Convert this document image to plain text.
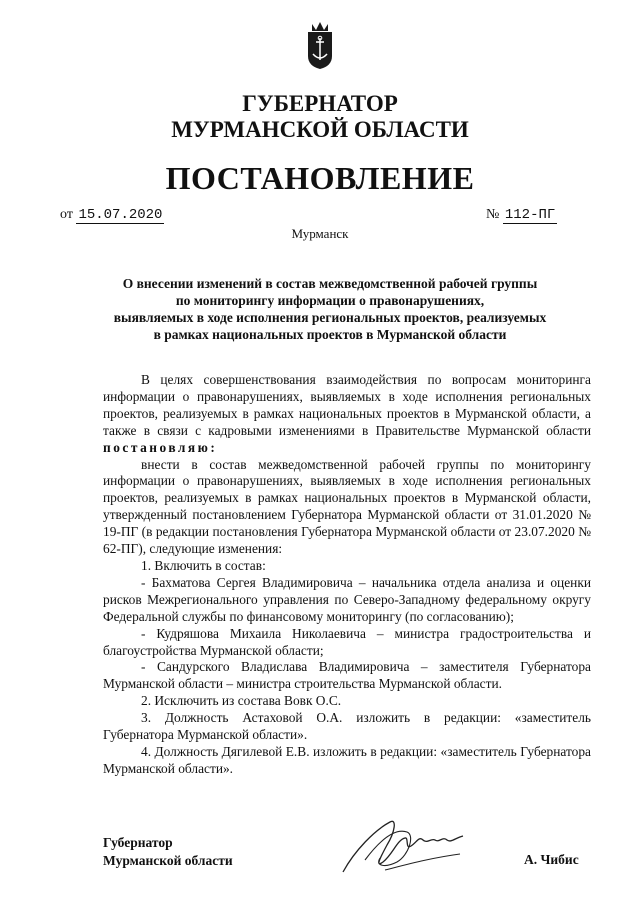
ГУБЕРНАТОР
МУРМАНСКОЙ ОБЛАСТИ
ПОСТАНОВЛЕНИЕ
от 15.07.2020	№ 112-ПГ
Мурманск
О внесении изменений в состав межведомственной рабочей группы
по мониторингу информации о правонарушениях,
выявляемых в ходе исполнения региональных проектов, реализуемых
в рамках национальных проектов в Мурманской области

В целях совершенствования взаимодействия по вопросам мониторинга информации о правонарушениях, выявляемых в ходе исполнения региональных проектов, реализуемых в рамках национальных проектов в Мурманской области, а также в связи с кадровыми изменениями в Правительстве Мурманской области постановляю:

внести в состав межведомственной рабочей группы по мониторингу информации о правонарушениях, выявляемых в ходе исполнения региональных проектов, реализуемых в рамках национальных проектов в Мурманской области, утвержденный постановлением Губернатора Мурманской области от 31.01.2020 № 19-ПГ (в редакции постановления Губернатора Мурманской области от 23.07.2020 № 62-ПГ), следующие изменения:

1. Включить в состав:

- Бахматова Сергея Владимировича – начальника отдела анализа и оценки рисков Межрегионального управления по Северо-Западному федеральному округу Федеральной службы по финансовому мониторингу (по согласованию);

- Кудряшова Михаила Николаевича – министра градостроительства и благоустройства Мурманской области;

- Сандурского Владислава Владимировича – заместителя Губернатора Мурманской области – министра строительства Мурманской области.

2. Исключить из состава Вовк О.С.

3. Должность Астаховой О.А. изложить в редакции: «заместитель Губернатора Мурманской области».

4. Должность Дягилевой Е.В. изложить в редакции: «заместитель Губернатора Мурманской области».

Губернатор
Мурманской области	А. Чибис
